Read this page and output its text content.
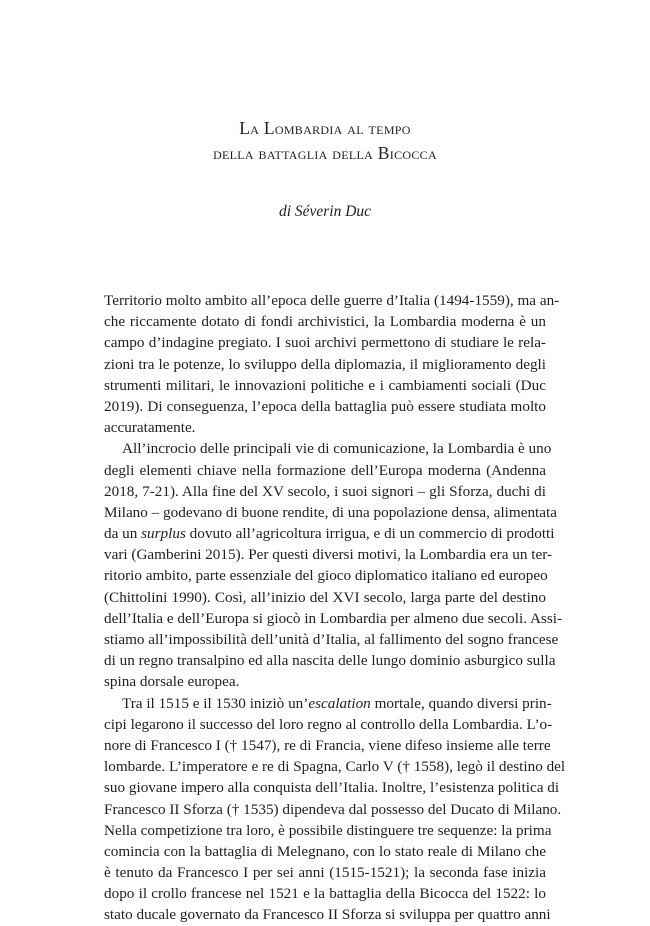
La Lombardia al tempo
della battaglia della Bicocca
di Séverin Duc
Territorio molto ambito all’epoca delle guerre d’Italia (1494-1559), ma an-
che riccamente dotato di fondi archivistici, la Lombardia moderna è un
campo d’indagine pregiato. I suoi archivi permettono di studiare le rela-
zioni tra le potenze, lo sviluppo della diplomazia, il miglioramento degli
strumenti militari, le innovazioni politiche e i cambiamenti sociali (Duc
2019). Di conseguenza, l’epoca della battaglia può essere studiata molto
accuratamente.
All’incrocio delle principali vie di comunicazione, la Lombardia è uno
degli elementi chiave nella formazione dell’Europa moderna (Andenna
2018, 7-21). Alla fine del XV secolo, i suoi signori – gli Sforza, duchi di
Milano – godevano di buone rendite, di una popolazione densa, alimentata
da un surplus dovuto all’agricoltura irrigua, e di un commercio di prodotti
vari (Gamberini 2015). Per questi diversi motivi, la Lombardia era un ter-
ritorio ambito, parte essenziale del gioco diplomatico italiano ed europeo
(Chittolini 1990). Così, all’inizio del XVI secolo, larga parte del destino
dell’Italia e dell’Europa si giocò in Lombardia per almeno due secoli. Assi-
stiamo all’impossibilità dell’unità d’Italia, al fallimento del sogno francese
di un regno transalpino ed alla nascita delle lungo dominio asburgico sulla
spina dorsale europea.
Tra il 1515 e il 1530 iniziò un’escalation mortale, quando diversi prin-
cipi legarono il successo del loro regno al controllo della Lombardia. L’o-
nore di Francesco I († 1547), re di Francia, viene difeso insieme alle terre
lombarde. L’imperatore e re di Spagna, Carlo V († 1558), legò il destino del
suo giovane impero alla conquista dell’Italia. Inoltre, l’esistenza politica di
Francesco II Sforza († 1535) dipendeva dal possesso del Ducato di Milano.
Nella competizione tra loro, è possibile distinguere tre sequenze: la prima
comincia con la battaglia di Melegnano, con lo stato reale di Milano che
è tenuto da Francesco I per sei anni (1515-1521); la seconda fase inizia
dopo il crollo francese nel 1521 e la battaglia della Bicocca del 1522: lo
stato ducale governato da Francesco II Sforza si sviluppa per quattro anni
